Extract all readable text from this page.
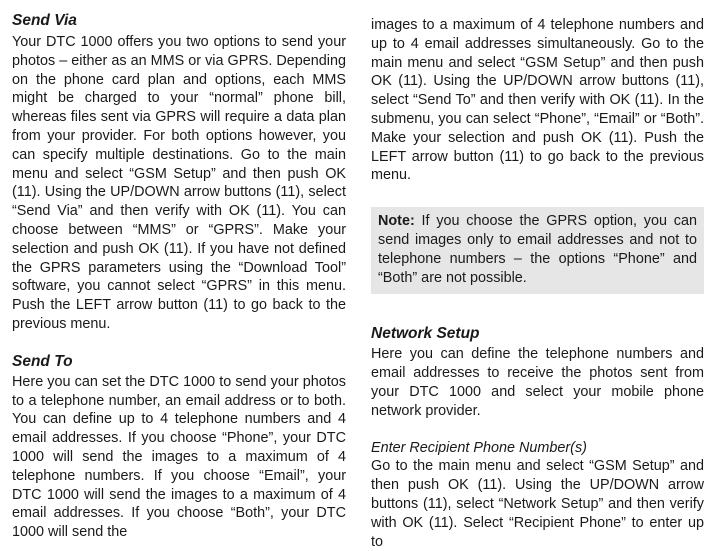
Send Via

Your DTC 1000 offers you two options to send your photos – either as an MMS or via GPRS. Depending on the phone card plan and options, each MMS might be charged to your “normal” phone bill, whereas files sent via GPRS will require a data plan from your provider. For both options however, you can specify multiple destinations. Go to the main menu and select “GSM Setup” and then push OK (11). Using the UP/DOWN arrow buttons (11), select “Send Via” and then verify with OK (11). You can choose between “MMS” or “GPRS”. Make your selection and push OK (11). If you have not defined the GPRS parameters using the “Download Tool” software, you cannot select “GPRS” in this menu. Push the LEFT arrow button (11) to go back to the previous menu.

Send To

Here you can set the DTC 1000 to send your photos to a telephone number, an email address or to both. You can define up to 4 telephone numbers and 4 email addresses. If you choose “Phone”, your DTC 1000 will send the images to a maximum of 4 telephone numbers. If you choose “Email”, your DTC 1000 will send the images to a maximum of 4 email addresses. If you choose “Both”, your DTC 1000 will send the

images to a maximum of 4 telephone numbers and up to 4 email addresses simultaneously. Go to the main menu and select “GSM Setup” and then push OK (11). Using the UP/DOWN arrow buttons (11), select “Send To” and then verify with OK (11). In the submenu, you can select “Phone”, “Email” or “Both”. Make your selection and push OK (11). Push the LEFT arrow button (11) to go back to the previous menu.

Note: If you choose the GPRS option, you can send images only to email addresses and not to telephone numbers – the options “Phone” and “Both” are not possible.
Network Setup

Here you can define the telephone numbers and email addresses to receive the photos sent from your DTC 1000 and select your mobile phone network provider.

Enter Recipient Phone Number(s)

Go to the main menu and select “GSM Setup” and then push OK (11). Using the UP/DOWN arrow buttons (11), select “Network Setup” and then verify with OK (11). Select “Recipient Phone” to enter up to
